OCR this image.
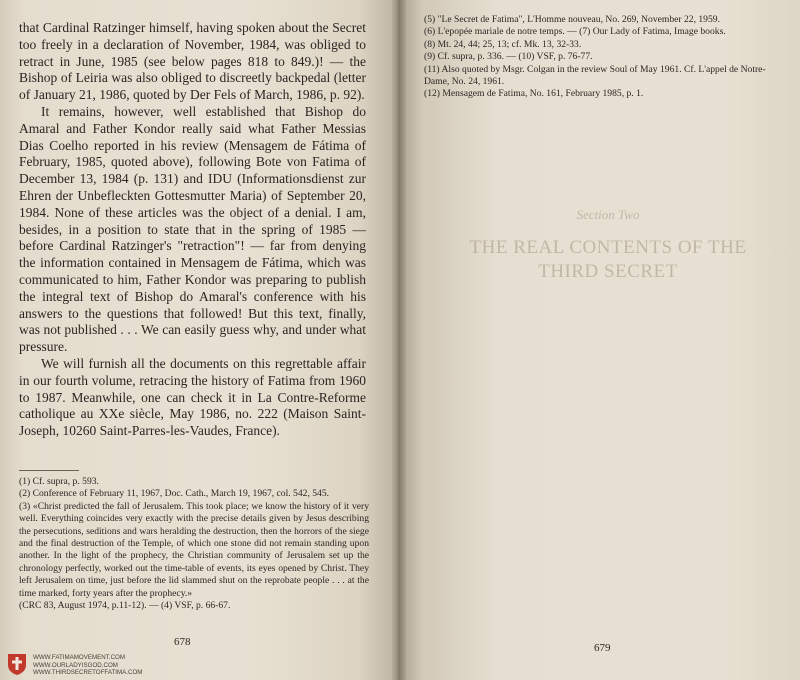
that Cardinal Ratzinger himself, having spoken about the Secret too freely in a declaration of November, 1984, was obliged to retract in June, 1985 (see below pages 818 to 849.)! — the Bishop of Leiria was also obliged to discreetly backpedal (letter of January 21, 1986, quoted by Der Fels of March, 1986, p. 92).

It remains, however, well established that Bishop do Amaral and Father Kondor really said what Father Messias Dias Coelho reported in his review (Mensagem de Fátima of February, 1985, quoted above), following Bote von Fatima of December 13, 1984 (p. 131) and IDU (Informationsdienst zur Ehren der Unbefleckten Gottesmutter Maria) of September 20, 1984. None of these articles was the object of a denial. I am, besides, in a position to state that in the spring of 1985 — before Cardinal Ratzinger's "retraction"! — far from denying the information contained in Mensagem de Fátima, which was communicated to him, Father Kondor was preparing to publish the integral text of Bishop do Amaral's conference with his answers to the questions that followed! But this text, finally, was not published . . . We can easily guess why, and under what pressure.

We will furnish all the documents on this regrettable affair in our fourth volume, retracing the history of Fatima from 1960 to 1987. Meanwhile, one can check it in La Contre-Reforme catholique au XXe siècle, May 1986, no. 222 (Maison Saint-Joseph, 10260 Saint-Parres-les-Vaudes, France).

(1) Cf. supra, p. 593.

(2) Conference of February 11, 1967, Doc. Cath., March 19, 1967, col. 542, 545.

(3) «Christ predicted the fall of Jerusalem. This took place; we know the history of it very well. Everything coincides very exactly with the precise details given by Jesus describing the persecutions, seditions and wars heralding the destruction, then the horrors of the siege and the final destruction of the Temple, of which one stone did not remain standing upon another. In the light of the prophecy, the Christian community of Jerusalem set up the chronology perfectly, worked out the time-table of events, its eyes opened by Christ. They left Jerusalem on time, just before the lid slammed shut on the reprobate people . . . at the time marked, forty years after the prophecy.»

(CRC 83, August 1974, p.11-12). — (4) VSF, p. 66-67.

678
WWW.FATIMAMOVEMENT.COM
WWW.OURLADYISGOD.COM
WWW.THIRDSECRETOFFATIMA.COM

(5) "Le Secret de Fatima", L'Homme nouveau, No. 269, November 22, 1959.

(6) L'epopée mariale de notre temps. — (7) Our Lady of Fatima, Image books.

(8) Mt. 24, 44; 25, 13; cf. Mk. 13, 32-33.

(9) Cf. supra, p. 336. — (10) VSF, p. 76-77.

(11) Also quoted by Msgr. Colgan in the review Soul of May 1961. Cf. L'appel de Notre-Dame, No. 24, 1961.

(12) Mensagem de Fatima, No. 161, February 1985, p. 1.

Section Two
THE REAL CONTENTS OF THE THIRD SECRET
679
